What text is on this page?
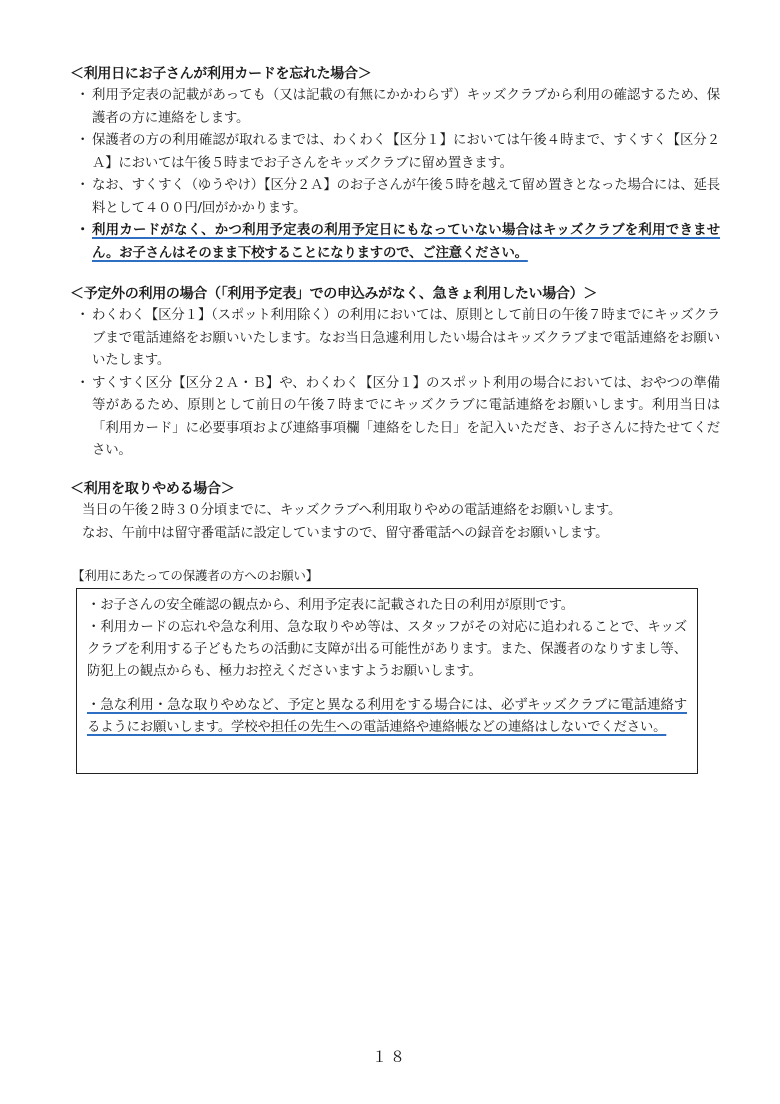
＜利用日にお子さんが利用カードを忘れた場合＞

・ 利用予定表の記載があっても（又は記載の有無にかかわらず）キッズクラブから利用の確認するため、保護者の方に連絡をします。
・ 保護者の方の利用確認が取れるまでは、わくわく【区分１】においては午後４時まで、すくすく【区分２Ａ】においては午後５時までお子さんをキッズクラブに留め置きます。
・ なお、すくすく（ゆうやけ）【区分２Ａ】のお子さんが午後５時を越えて留め置きとなった場合には、延長料として４００円/回がかかります。
・ 利用カードがなく、かつ利用予定表の利用予定日にもなっていない場合はキッズクラブを利用できません。お子さんはそのまま下校することになりますので、ご注意ください。

＜予定外の利用の場合（「利用予定表」での申込みがなく、急きょ利用したい場合）＞

・ わくわく【区分１】（スポット利用除く）の利用においては、原則として前日の午後７時までにキッズクラブまで電話連絡をお願いいたします。なお当日急遽利用したい場合はキッズクラブまで電話連絡をお願いいたします。
・ すくすく区分【区分２Ａ・Ｂ】や、わくわく【区分１】のスポット利用の場合においては、おやつの準備等があるため、原則として前日の午後７時までにキッズクラブに電話連絡をお願いします。利用当日は「利用カード」に必要事項および連絡事項欄「連絡をした日」を記入いただき、お子さんに持たせてください。

＜利用を取りやめる場合＞

当日の午後２時３０分頃までに、キッズクラブへ利用取りやめの電話連絡をお願いします。

なお、午前中は留守番電話に設定していますので、留守番電話への録音をお願いします。

【利用にあたっての保護者の方へのお願い】

・お子さんの安全確認の観点から、利用予定表に記載された日の利用が原則です。

・利用カードの忘れや急な利用、急な取りやめ等は、スタッフがその対応に追われることで、キッズクラブを利用する子どもたちの活動に支障が出る可能性があります。また、保護者のなりすまし等、防犯上の観点からも、極力お控えくださいますようお願いします。

・急な利用・急な取りやめなど、予定と異なる利用をする場合には、必ずキッズクラブに電話連絡するようにお願いします。学校や担任の先生への電話連絡や連絡帳などの連絡はしないでください。

１８
